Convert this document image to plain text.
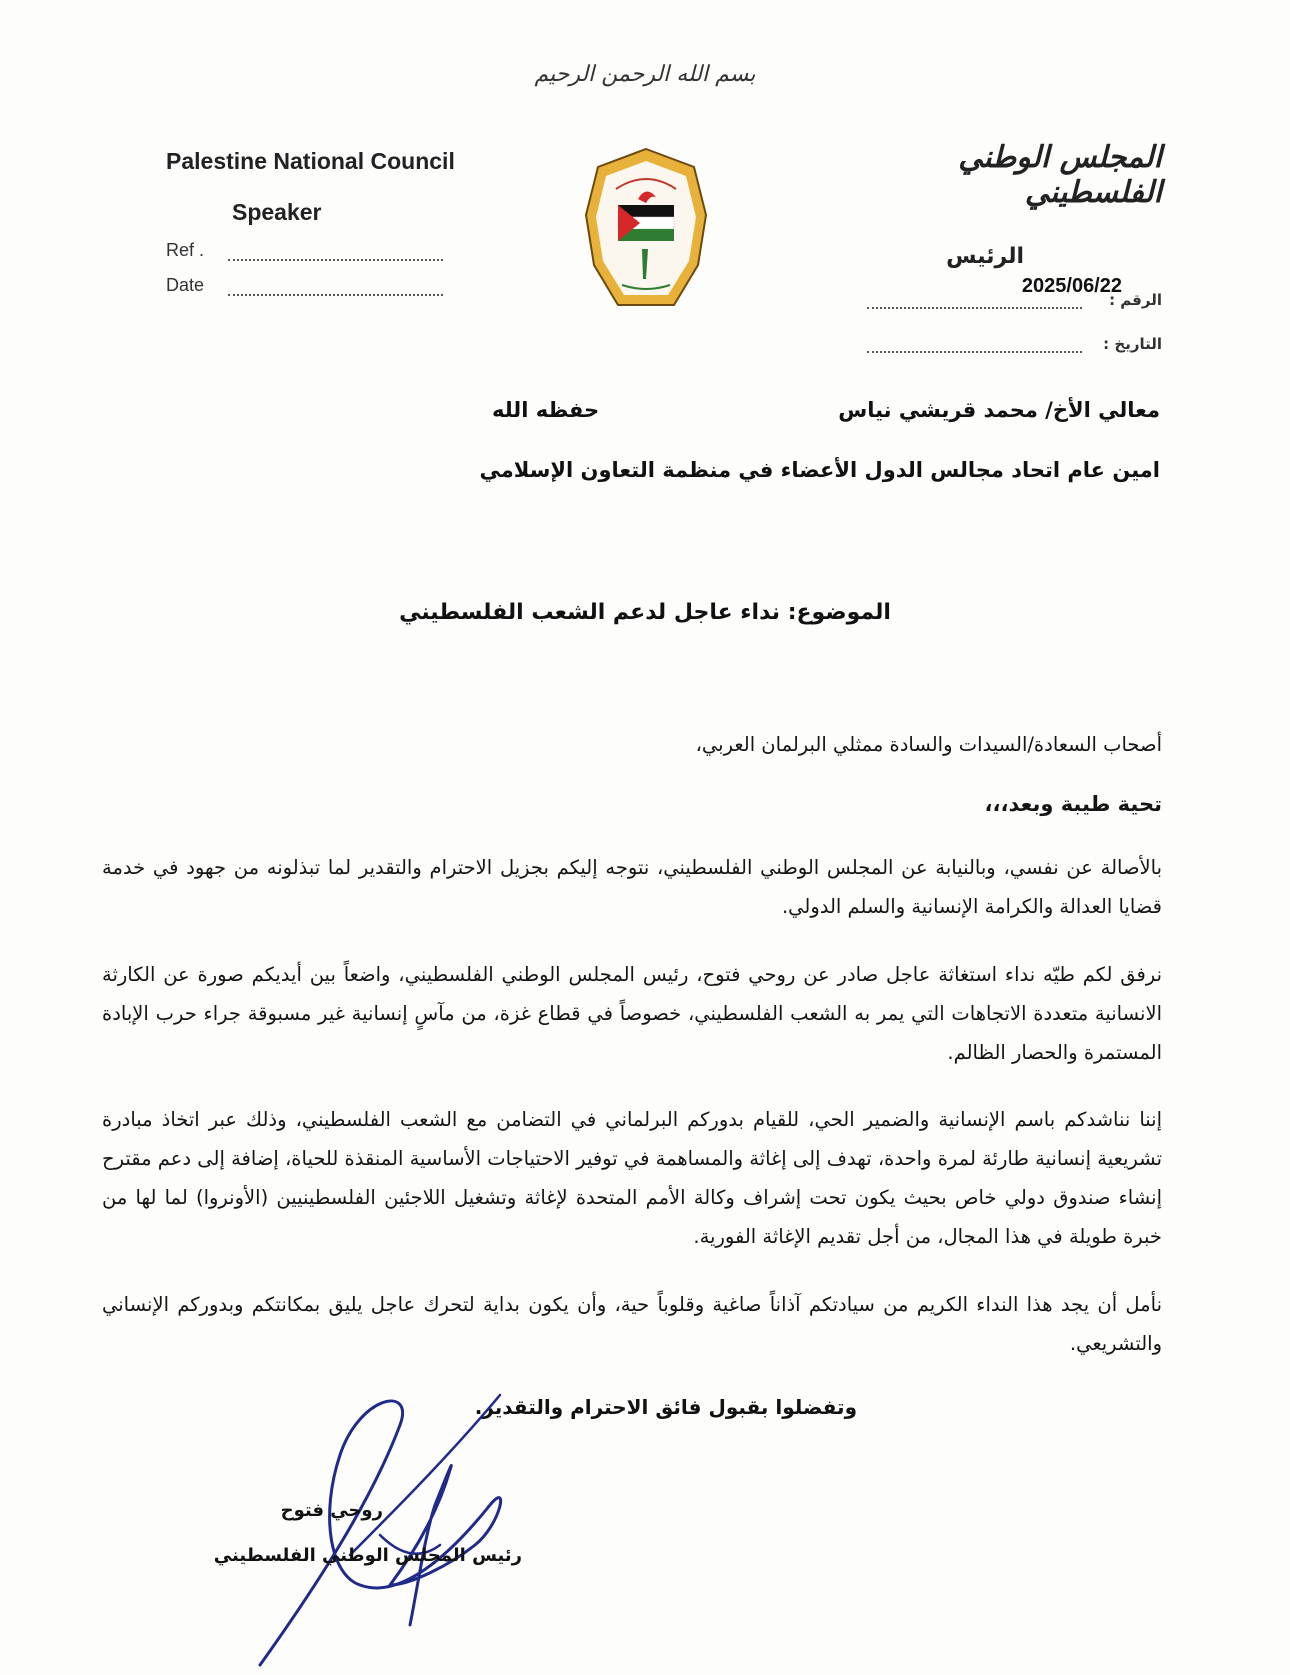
بسم الله الرحمن الرحيم
Palestine National Council
Speaker
Ref .
Date
المجلس الوطني الفلسطيني
الرئيس
الرقم :
التاريخ :
2025/06/22
معالي الأخ/ محمد قريشي نياس
حفظه الله
امين عام اتحاد مجالس الدول الأعضاء في منظمة التعاون الإسلامي
الموضوع: نداء عاجل لدعم الشعب الفلسطيني
أصحاب السعادة/السيدات والسادة ممثلي البرلمان العربي،
تحية طيبة وبعد،،،
بالأصالة عن نفسي، وبالنيابة عن المجلس الوطني الفلسطيني، نتوجه إليكم بجزيل الاحترام والتقدير لما تبذلونه من جهود في خدمة قضايا العدالة والكرامة الإنسانية والسلم الدولي.
نرفق لكم طيّه نداء استغاثة عاجل صادر عن روحي فتوح، رئيس المجلس الوطني الفلسطيني، واضعاً بين أيديكم صورة عن الكارثة الانسانية متعددة الاتجاهات التي يمر به الشعب الفلسطيني، خصوصاً في قطاع غزة، من مآسٍ إنسانية غير مسبوقة جراء حرب الإبادة المستمرة والحصار الظالم.
إننا نناشدكم باسم الإنسانية والضمير الحي، للقيام بدوركم البرلماني في التضامن مع الشعب الفلسطيني، وذلك عبر اتخاذ مبادرة تشريعية إنسانية طارئة لمرة واحدة، تهدف إلى إغاثة والمساهمة في توفير الاحتياجات الأساسية المنقذة للحياة، إضافة إلى دعم مقترح إنشاء صندوق دولي خاص بحيث يكون تحت إشراف وكالة الأمم المتحدة لإغاثة وتشغيل اللاجئين الفلسطينيين (الأونروا) لما لها من خبرة طويلة في هذا المجال، من أجل تقديم الإغاثة الفورية.
نأمل أن يجد هذا النداء الكريم من سيادتكم آذاناً صاغية وقلوباً حية، وأن يكون بداية لتحرك عاجل يليق بمكانتكم وبدوركم الإنساني والتشريعي.
وتفضلوا بقبول فائق الاحترام والتقدير.
روحي فتوح
رئيس المجلس الوطني الفلسطيني
